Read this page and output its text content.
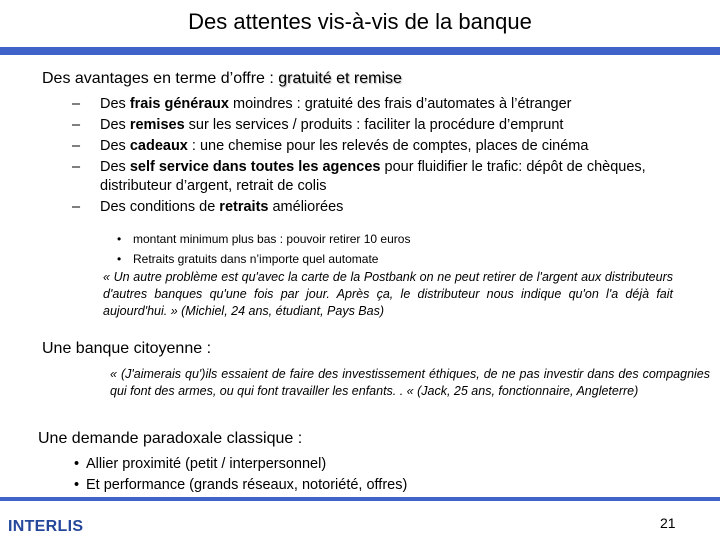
Des attentes vis-à-vis de la banque
Des avantages en terme d’offre : gratuité et remise
– Des frais généraux moindres : gratuité des frais d’automates à l’étranger
– Des remises sur les services / produits : faciliter la procédure d’emprunt
– Des cadeaux : une chemise pour les relevés de comptes, places de cinéma
– Des self service dans toutes les agences pour fluidifier le trafic: dépôt de chèques, distributeur d’argent, retrait de colis
– Des conditions de retraits améliorées
• montant minimum plus bas : pouvoir retirer 10 euros
• Retraits gratuits dans n’importe quel automate
« Un autre problème est qu'avec la carte de la Postbank on ne peut retirer de l'argent aux distributeurs d'autres banques qu'une fois par jour. Après ça, le distributeur nous indique qu'on l'a déjà fait aujourd'hui. » (Michiel, 24 ans, étudiant, Pays Bas)
Une banque citoyenne :
« (J'aimerais qu')ils essaient de faire des investissement éthiques, de ne pas investir dans des compagnies qui font des armes, ou qui font travailler les enfants. . « (Jack, 25 ans, fonctionnaire, Angleterre)
Une demande paradoxale classique :
• Allier proximité (petit / interpersonnel)
• Et performance (grands réseaux, notoriété, offres)
INTERLIS	21
